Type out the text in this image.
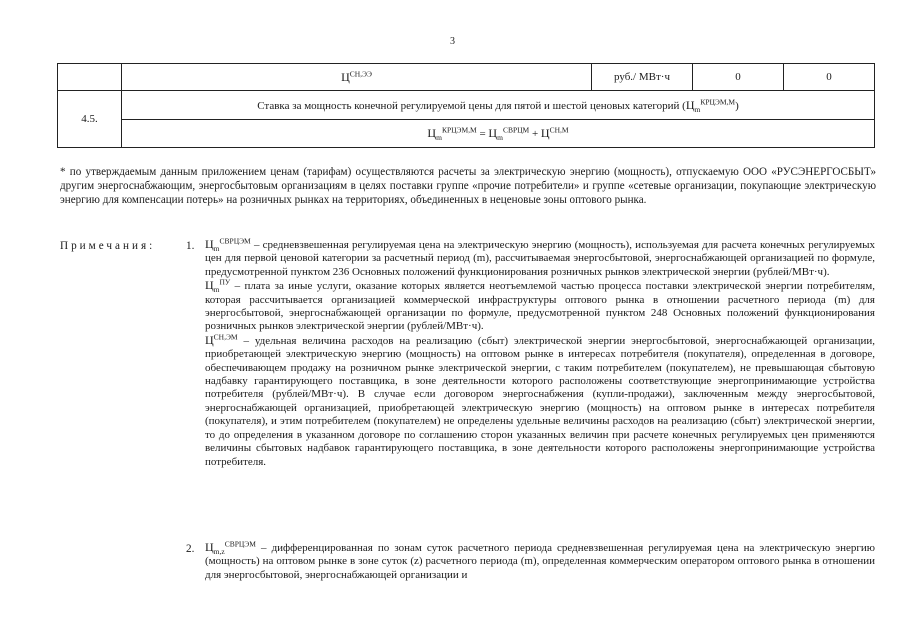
3
	$Ц^{СН,ЭЭ}$	руб./ МВт·ч	0	0
4.5.	Ставка за мощность конечной регулируемой цены для пятой и шестой ценовых категорий $(Ц_m^{КРЦЭМ,М})$			
	$Ц_m^{КРЦЭМ,М} = Ц_m^{СВРЦМ} + Ц^{СН,М}$
* по утверждаемым данным приложением ценам (тарифам) осуществляются расчеты за электрическую энергию (мощность), отпускаемую ООО «РУСЭНЕРГОСБЫТ» другим энергоснабжающим, энергосбытовым организациям в целях поставки группе «прочие потребители» и группе «сетевые организации, покупающие электрическую энергию для компенсации потерь» на розничных рынках на территориях, объединенных в неценовые зоны оптового рынка.
Примечания:	1. $Ц_m^{СВРЦЭМ}$ – средневзвешенная регулируемая цена на электрическую энергию (мощность), используемая для расчета конечных регулируемых цен для первой ценовой категории за расчетный период (m), рассчитываемая энергосбытовой, энергоснабжающей организацией по формуле, предусмотренной пунктом 236 Основных положений функционирования розничных рынков электрической энергии (рублей/МВт·ч).

$Ц_m^{ПУ}$ – плата за иные услуги, оказание которых является неотъемлемой частью процесса поставки электрической энергии потребителям, которая рассчитывается организацией коммерческой инфраструктуры оптового рынка в отношении расчетного периода (m) для энергосбытовой, энергоснабжающей организации по формуле, предусмотренной пунктом 248 Основных положений функционирования розничных рынков электрической энергии (рублей/МВт·ч).

$Ц^{СН,ЭМ}$ – удельная величина расходов на реализацию (сбыт) электрической энергии энергосбытовой, энергоснабжающей организации, приобретающей электрическую энергию (мощность) на оптовом рынке в интересах потребителя (покупателя), определенная в договоре, обеспечивающем продажу на розничном рынке электрической энергии, с таким потребителем (покупателем), не превышающая сбытовую надбавку гарантирующего поставщика, в зоне деятельности которого расположены соответствующие энергопринимающие устройства потребителя (рублей/МВт·ч). В случае если договором энергоснабжения (купли-продажи), заключенным между энергосбытовой, энергоснабжающей организацией, приобретающей электрическую энергию (мощность) на оптовом рынке в интересах потребителя (покупателя), и этим потребителем (покупателем) не определены удельные величины расходов на реализацию (сбыт) электрической энергии, то до определения в указанном договоре по соглашению сторон указанных величин при расчете конечных регулируемых цен применяются величины сбытовых надбавок гарантирующего поставщика, в зоне деятельности которого расположены энергопринимающие устройства потребителя.

2. $Ц_{m,z}^{СВРЦЭМ}$ – дифференцированная по зонам суток расчетного периода средневзвешенная регулируемая цена на электрическую энергию (мощность) на оптовом рынке в зоне суток (z) расчетного периода (m), определенная коммерческим оператором оптового рынка в отношении для энергосбытовой, энергоснабжающей организации и
